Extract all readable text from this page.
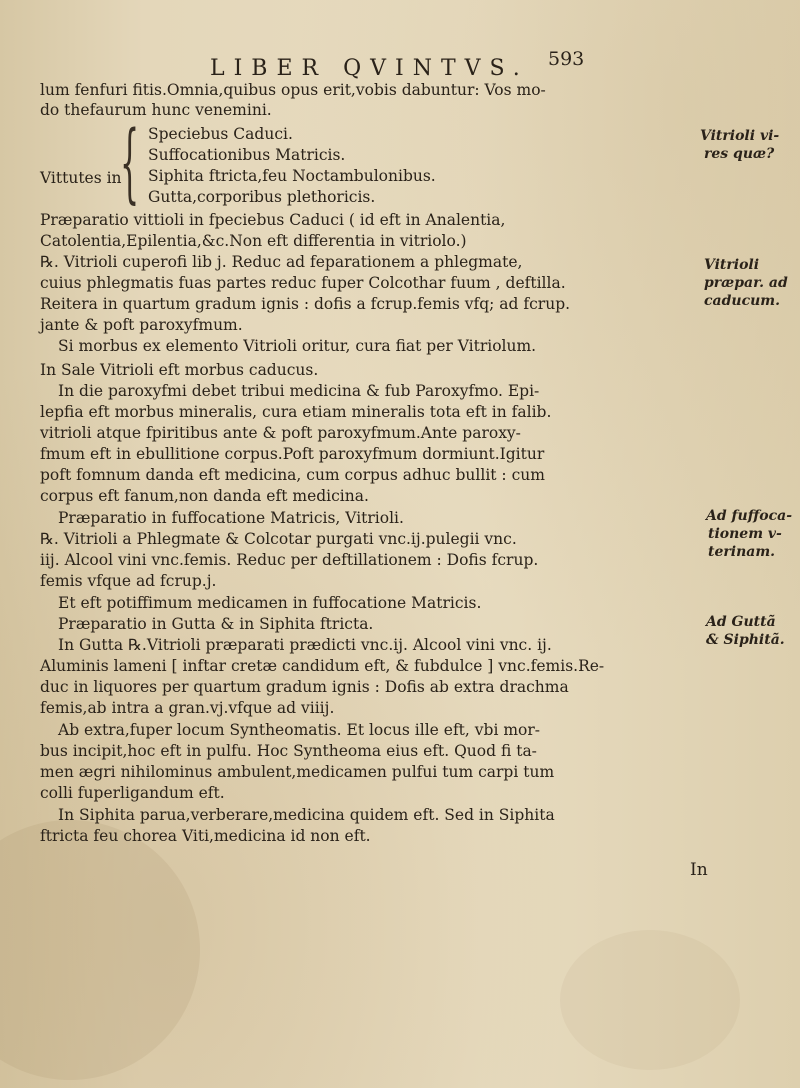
LIBER QVINTVS. 593
lum fenfuri fitis.Omnia,quibus opus erit,vobis dabuntur: Vos mo-
do thefaurum hunc venemini.
Vittutes in
{ Speciebus Caduci.
Suffocationibus Matricis.
Siphita ftricta,feu Noctambulonibus.
Gutta,corporibus plethoricis.
Præparatio vittioli in fpeciebus Caduci ( id eft in Analentia,
Catolentia,Epilentia,&c.Non eft differentia in vitriolo.)
℞. Vitrioli cuperofi lib j. Reduc ad feparationem a phlegmate,
cuius phlegmatis fuas partes reduc fuper Colcothar fuum , deftilla.
Reitera in quartum gradum ignis : dofis a fcrup.femis vfq; ad fcrup.
jante & poft paroxyfmum.
Si morbus ex elemento Vitrioli oritur, cura fiat per Vitriolum.
In Sale Vitrioli eft morbus caducus.
In die paroxyfmi debet tribui medicina & fub Paroxyfmo. Epi-
lepfia eft morbus mineralis, cura etiam mineralis tota eft in falib.
vitrioli atque fpiritibus ante & poft paroxyfmum.Ante paroxy-
fmum eft in ebullitione corpus.Poft paroxyfmum dormiunt.Igitur
poft fomnum danda eft medicina, cum corpus adhuc bullit : cum
corpus eft fanum,non danda eft medicina.
Præparatio in fuffocatione Matricis, Vitrioli.
℞. Vitrioli a Phlegmate & Colcotar purgati vnc.ij.pulegii vnc.
iij. Alcool vini vnc.femis. Reduc per deftillationem : Dofis fcrup.
femis vfque ad fcrup.j.
Et eft potiffimum medicamen in fuffocatione Matricis.
Præparatio in Gutta & in Siphita ftricta.
In Gutta ℞.Vitrioli præparati prædicti vnc.ij. Alcool vini vnc. ij.
Aluminis lameni [ inftar cretæ candidum eft, & fubdulce ] vnc.femis.Re-
duc in liquores per quartum gradum ignis : Dofis ab extra drachma
femis,ab intra a gran.vj.vfque ad viiij.
Ab extra,fuper locum Syntheomatis. Et locus ille eft, vbi mor-
bus incipit,hoc eft in pulfu. Hoc Syntheoma eius eft. Quod fi ta-
men ægri nihilominus ambulent,medicamen pulfui tum carpi tum
colli fuperligandum eft.
In Siphita parua,verberare,medicina quidem eft. Sed in Siphita
ftricta feu chorea Viti,medicina id non eft.
Vitrioli vi-
res quæ?
Vitrioli
præpar. ad
caducum.
Ad fuffoca-
tionem v-
terinam.
Ad Guttã
& Siphitã.
In
